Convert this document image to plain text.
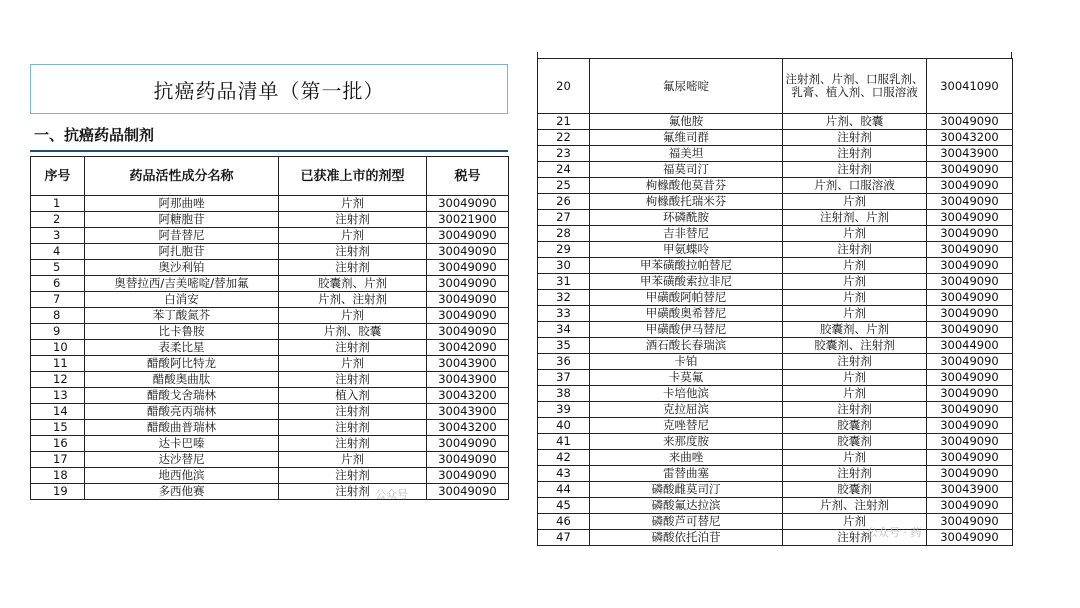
抗癌药品清单（第一批）
一、抗癌药品制剂
序号	药品活性成分名称	已获准上市的剂型	税号
1	阿那曲唑	片剂	30049090
2	阿糖胞苷	注射剂	30021900
3	阿昔替尼	片剂	30049090
4	阿扎胞苷	注射剂	30049090
5	奥沙利铂	注射剂	30049090
6	奥替拉西/吉美嘧啶/替加氟	胶囊剂、片剂	30049090
7	白消安	片剂、注射剂	30049090
8	苯丁酸氮芥	片剂	30049090
9	比卡鲁胺	片剂、胶囊	30049090
10	表柔比星	注射剂	30042090
11	醋酸阿比特龙	片剂	30043900
12	醋酸奥曲肽	注射剂	30043900
13	醋酸戈舍瑞林	植入剂	30043200
14	醋酸亮丙瑞林	注射剂	30043900
15	醋酸曲普瑞林	注射剂	30043200
16	达卡巴嗪	注射剂	30049090
17	达沙替尼	片剂	30049090
18	地西他滨	注射剂	30049090
19	多西他赛	注射剂	30049090
公众号
20	氟尿嘧啶	注射剂、片剂、口服乳剂、乳膏、植入剂、口服溶液	30041090
21	氟他胺	片剂、胶囊	30049090
22	氟维司群	注射剂	30043200
23	福美坦	注射剂	30043900
24	福莫司汀	注射剂	30049090
25	枸橼酸他莫昔芬	片剂、口服溶液	30049090
26	枸橼酸托瑞米芬	片剂	30049090
27	环磷酰胺	注射剂、片剂	30049090
28	吉非替尼	片剂	30049090
29	甲氨蝶呤	注射剂	30049090
30	甲苯磺酸拉帕替尼	片剂	30049090
31	甲苯磺酸索拉非尼	片剂	30049090
32	甲磺酸阿帕替尼	片剂	30049090
33	甲磺酸奥希替尼	片剂	30049090
34	甲磺酸伊马替尼	胶囊剂、片剂	30049090
35	酒石酸长春瑞滨	胶囊剂、注射剂	30044900
36	卡铂	注射剂	30049090
37	卡莫氟	片剂	30049090
38	卡培他滨	片剂	30049090
39	克拉屈滨	注射剂	30049090
40	克唑替尼	胶囊剂	30049090
41	来那度胺	胶囊剂	30049090
42	来曲唑	片剂	30049090
43	雷替曲塞	注射剂	30049090
44	磷酸雌莫司汀	胶囊剂	30043900
45	磷酸氟达拉滨	片剂、注射剂	30049090
46	磷酸芦可替尼	片剂	30049090
47	磷酸依托泊苷	注射剂	30049090
公众号 · 药
